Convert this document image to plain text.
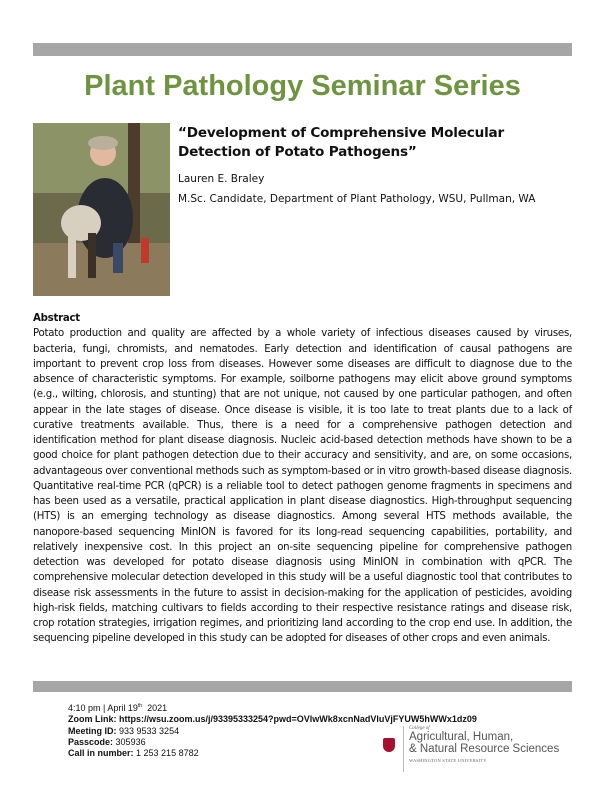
Plant Pathology Seminar Series
“Development of Comprehensive Molecular Detection of Potato Pathogens”
Lauren E. Braley
M.Sc. Candidate, Department of Plant Pathology, WSU, Pullman, WA
Abstract

Potato production and quality are affected by a whole variety of infectious diseases caused by viruses, bacteria, fungi, chromists, and nematodes. Early detection and identification of causal pathogens are important to prevent crop loss from diseases. However some diseases are difficult to diagnose due to the absence of characteristic symptoms. For example, soilborne pathogens may elicit above ground symptoms (e.g., wilting, chlorosis, and stunting) that are not unique, not caused by one particular pathogen, and often appear in the late stages of disease. Once disease is visible, it is too late to treat plants due to a lack of curative treatments available. Thus, there is a need for a comprehensive pathogen detection and identification method for plant disease diagnosis. Nucleic acid-based detection methods have shown to be a good choice for plant pathogen detection due to their accuracy and sensitivity, and are, on some occasions, advantageous over conventional methods such as symptom-based or in vitro growth-based disease diagnosis. Quantitative real-time PCR (qPCR) is a reliable tool to detect pathogen genome fragments in specimens and has been used as a versatile, practical application in plant disease diagnostics. High-throughput sequencing (HTS) is an emerging technology as disease diagnostics. Among several HTS methods available, the nanopore-based sequencing MinION is favored for its long-read sequencing capabilities, portability, and relatively inexpensive cost. In this project an on-site sequencing pipeline for comprehensive pathogen detection was developed for potato disease diagnosis using MinION in combination with qPCR. The comprehensive molecular detection developed in this study will be a useful diagnostic tool that contributes to disease risk assessments in the future to assist in decision-making for the application of pesticides, avoiding high-risk fields, matching cultivars to fields according to their respective resistance ratings and disease risk, crop rotation strategies, irrigation regimes, and prioritizing land according to the crop end use. In addition, the sequencing pipeline developed in this study can be adopted for diseases of other crops and even animals.

4:10 pm | April 19th 2021
Zoom Link: https://wsu.zoom.us/j/93395333254?pwd=OVlwWk8xcnNadVluVjFYUW5hWWx1dz09
Meeting ID: 933 9533 3254
Passcode: 305936
Call in number: 1 253 215 8782
College of
Agricultural, Human,
& Natural Resource Sciences
WASHINGTON STATE UNIVERSITY
